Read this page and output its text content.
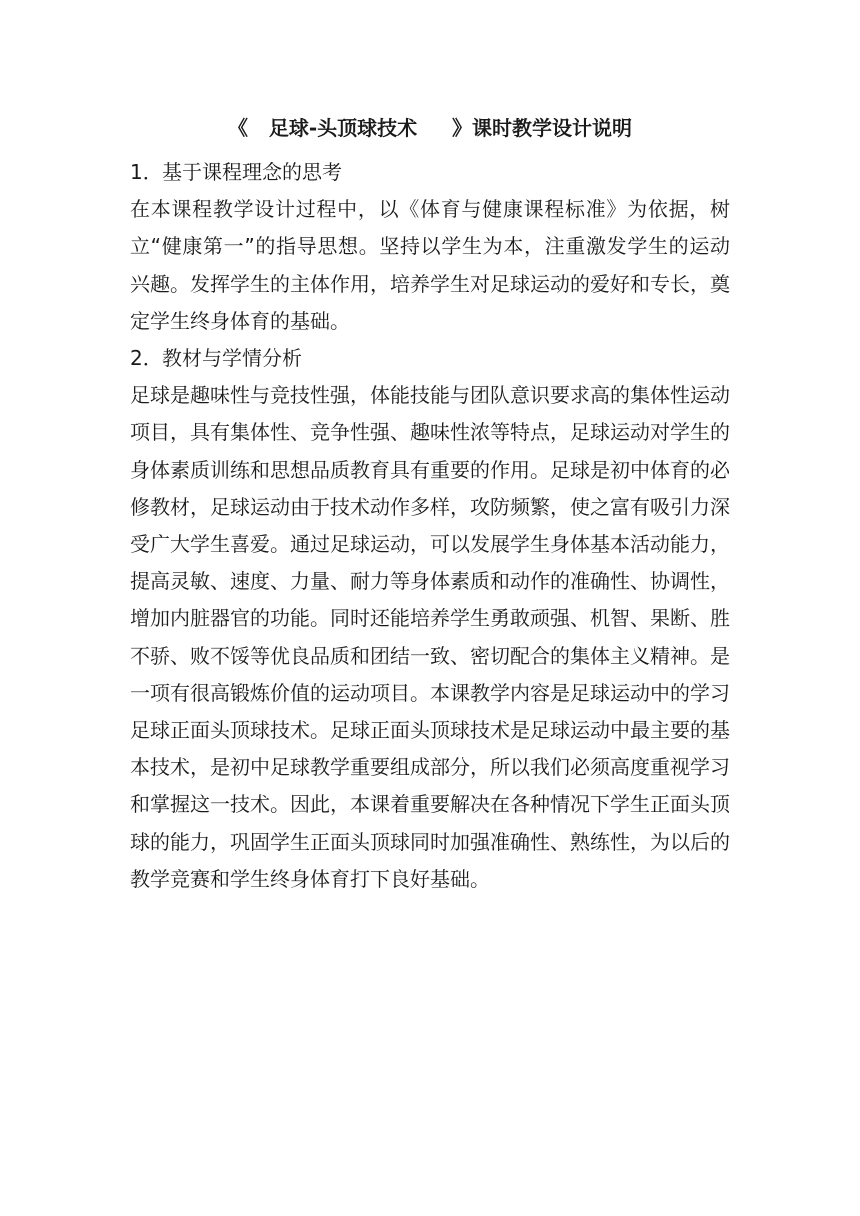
《   足球-头顶球技术     》课时教学设计说明
1．基于课程理念的思考

在本课程教学设计过程中，以《体育与健康课程标准》为依据，树立“健康第一”的指导思想。坚持以学生为本，注重激发学生的运动兴趣。发挥学生的主体作用，培养学生对足球运动的爱好和专长，奠定学生终身体育的基础。

2．教材与学情分析

足球是趣味性与竞技性强，体能技能与团队意识要求高的集体性运动项目，具有集体性、竞争性强、趣味性浓等特点，足球运动对学生的身体素质训练和思想品质教育具有重要的作用。足球是初中体育的必修教材，足球运动由于技术动作多样，攻防频繁，使之富有吸引力深受广大学生喜爱。通过足球运动，可以发展学生身体基本活动能力，提高灵敏、速度、力量、耐力等身体素质和动作的准确性、协调性，增加内脏器官的功能。同时还能培养学生勇敢顽强、机智、果断、胜不骄、败不馁等优良品质和团结一致、密切配合的集体主义精神。是一项有很高锻炼价值的运动项目。本课教学内容是足球运动中的学习足球正面头顶球技术。足球正面头顶球技术是足球运动中最主要的基本技术，是初中足球教学重要组成部分，所以我们必须高度重视学习和掌握这一技术。因此，本课着重要解决在各种情况下学生正面头顶球的能力，巩固学生正面头顶球同时加强准确性、熟练性，为以后的教学竞赛和学生终身体育打下良好基础。
